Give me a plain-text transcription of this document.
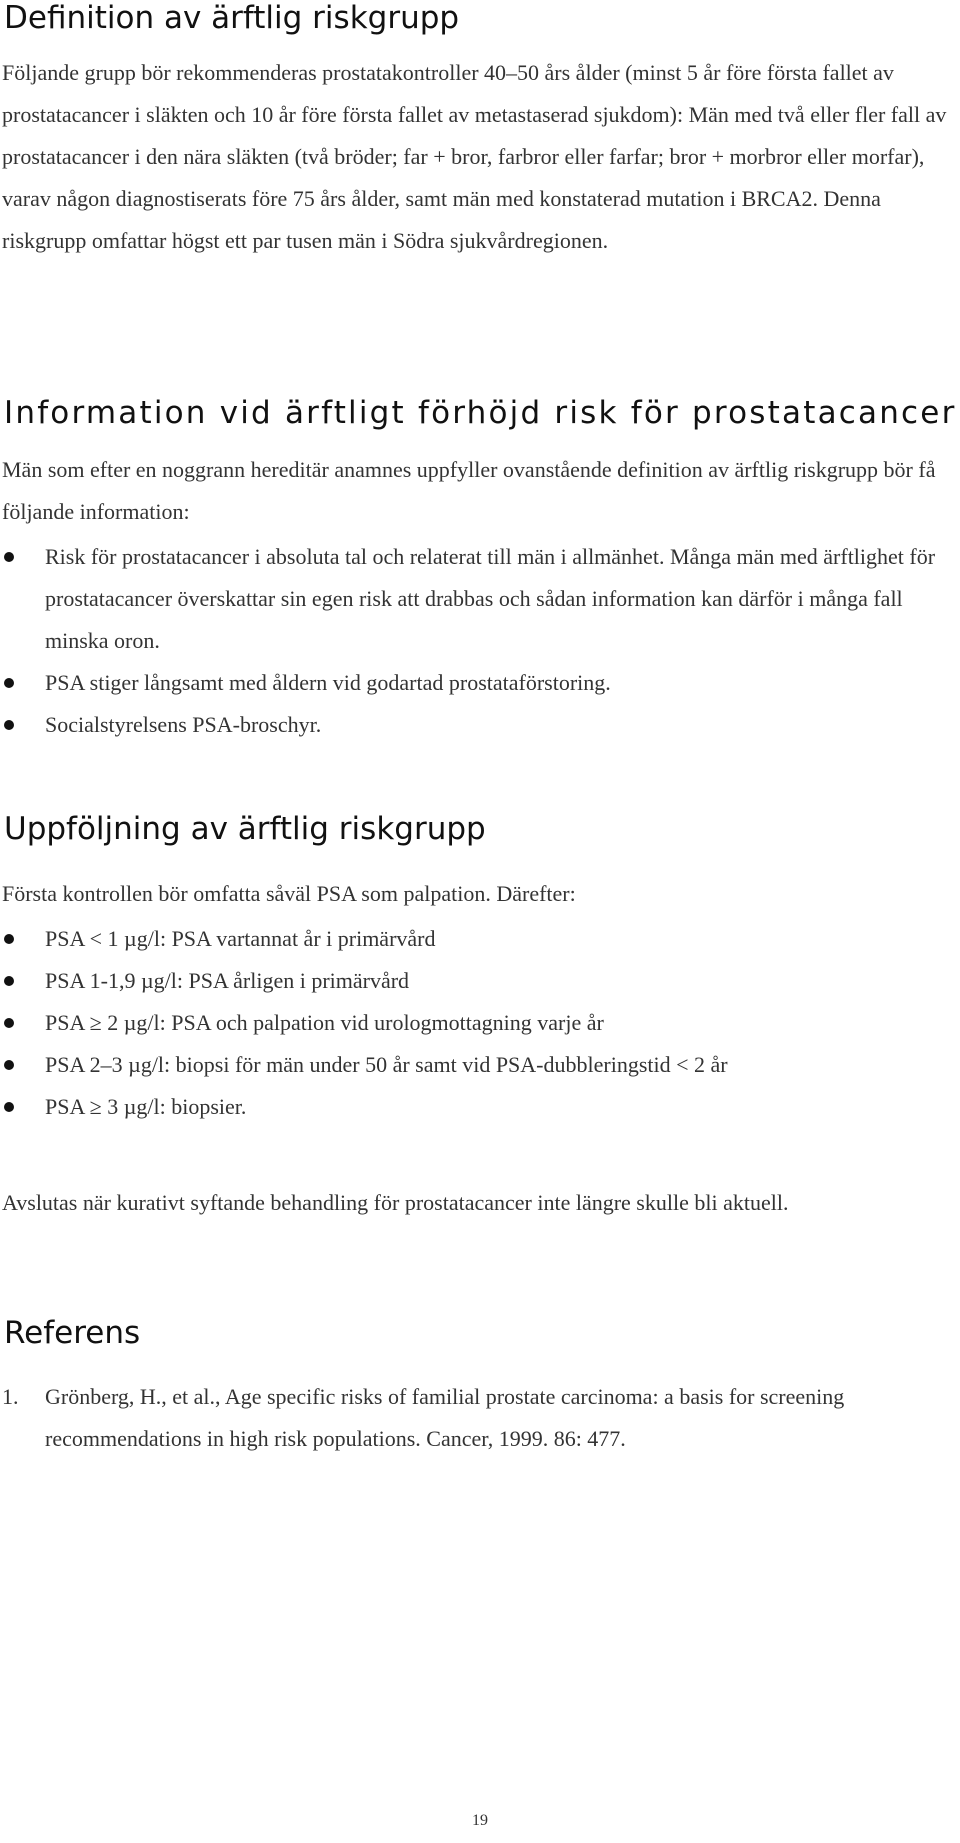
Definition av ärftlig riskgrupp
Följande grupp bör rekommenderas prostatakontroller 40–50 års ålder (minst 5 år före första fallet av prostatacancer i släkten och 10 år före första fallet av metastaserad sjukdom): Män med två eller fler fall av prostatacancer i den nära släkten (två bröder; far + bror, farbror eller farfar; bror + morbror eller morfar), varav någon diagnostiserats före 75 års ålder, samt män med konstaterad mutation i BRCA2. Denna riskgrupp omfattar högst ett par tusen män i Södra sjukvårdregionen.
Information vid ärftligt förhöjd risk för prostatacancer
Män som efter en noggrann hereditär anamnes uppfyller ovanstående definition av ärftlig riskgrupp bör få följande information:
Risk för prostatacancer i absoluta tal och relaterat till män i allmänhet. Många män med ärftlighet för prostatacancer överskattar sin egen risk att drabbas och sådan information kan därför i många fall minska oron.
PSA stiger långsamt med åldern vid godartad prostataförstoring.
Socialstyrelsens PSA-broschyr.
Uppföljning av ärftlig riskgrupp
Första kontrollen bör omfatta såväl PSA som palpation. Därefter:
PSA < 1 µg/l: PSA vartannat år i primärvård
PSA 1-1,9 µg/l: PSA årligen i primärvård
PSA ≥ 2 µg/l: PSA och palpation vid urologmottagning varje år
PSA 2–3 µg/l: biopsi för män under 50 år samt vid PSA-dubbleringstid < 2 år
PSA ≥ 3 µg/l: biopsier.
Avslutas när kurativt syftande behandling för prostatacancer inte längre skulle bli aktuell.
Referens
1. Grönberg, H., et al., Age specific risks of familial prostate carcinoma: a basis for screening recommendations in high risk populations. Cancer, 1999. 86: 477.
19
